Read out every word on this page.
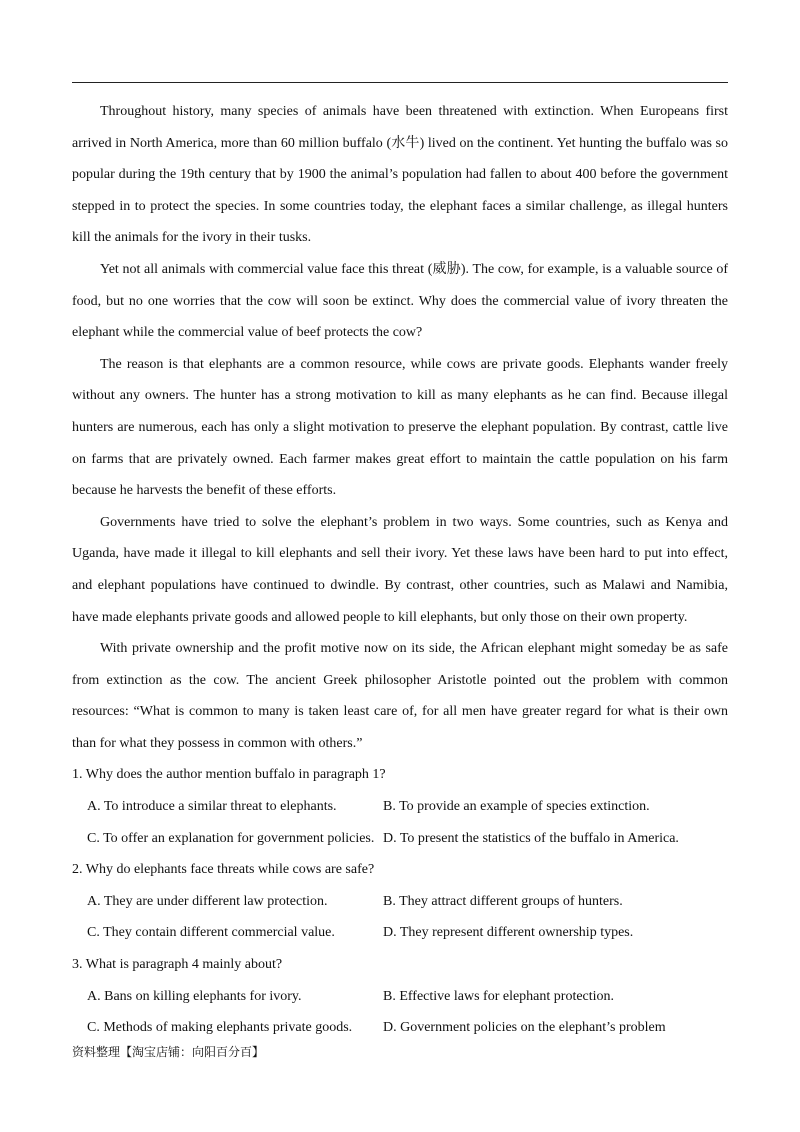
Throughout history, many species of animals have been threatened with extinction. When Europeans first arrived in North America, more than 60 million buffalo (水牛) lived on the continent. Yet hunting the buffalo was so popular during the 19th century that by 1900 the animal’s population had fallen to about 400 before the government stepped in to protect the species. In some countries today, the elephant faces a similar challenge, as illegal hunters kill the animals for the ivory in their tusks.

Yet not all animals with commercial value face this threat (威胁). The cow, for example, is a valuable source of food, but no one worries that the cow will soon be extinct. Why does the commercial value of ivory threaten the elephant while the commercial value of beef protects the cow?

The reason is that elephants are a common resource, while cows are private goods. Elephants wander freely without any owners. The hunter has a strong motivation to kill as many elephants as he can find. Because illegal hunters are numerous, each has only a slight motivation to preserve the elephant population. By contrast, cattle live on farms that are privately owned. Each farmer makes great effort to maintain the cattle population on his farm because he harvests the benefit of these efforts.

Governments have tried to solve the elephant’s problem in two ways. Some countries, such as Kenya and Uganda, have made it illegal to kill elephants and sell their ivory. Yet these laws have been hard to put into effect, and elephant populations have continued to dwindle. By contrast, other countries, such as Malawi and Namibia, have made elephants private goods and allowed people to kill elephants, but only those on their own property.

With private ownership and the profit motive now on its side, the African elephant might someday be as safe from extinction as the cow. The ancient Greek philosopher Aristotle pointed out the problem with common resources: “What is common to many is taken least care of, for all men have greater regard for what is their own than for what they possess in common with others.”

1. Why does the author mention buffalo in paragraph 1?

A. To introduce a similar threat to elephants.	B. To provide an example of species extinction.
C. To offer an explanation for government policies. D. To present the statistics of the buffalo in America.

2. Why do elephants face threats while cows are safe?

A. They are under different law protection.	B. They attract different groups of hunters.
C. They contain different commercial value.	D. They represent different ownership types.

3. What is paragraph 4 mainly about?

A. Bans on killing elephants for ivory.	B. Effective laws for elephant protection.
C. Methods of making elephants private goods.	D. Government policies on the elephant’s problem
资料整理【淘宝店铺：向阳百分百】
